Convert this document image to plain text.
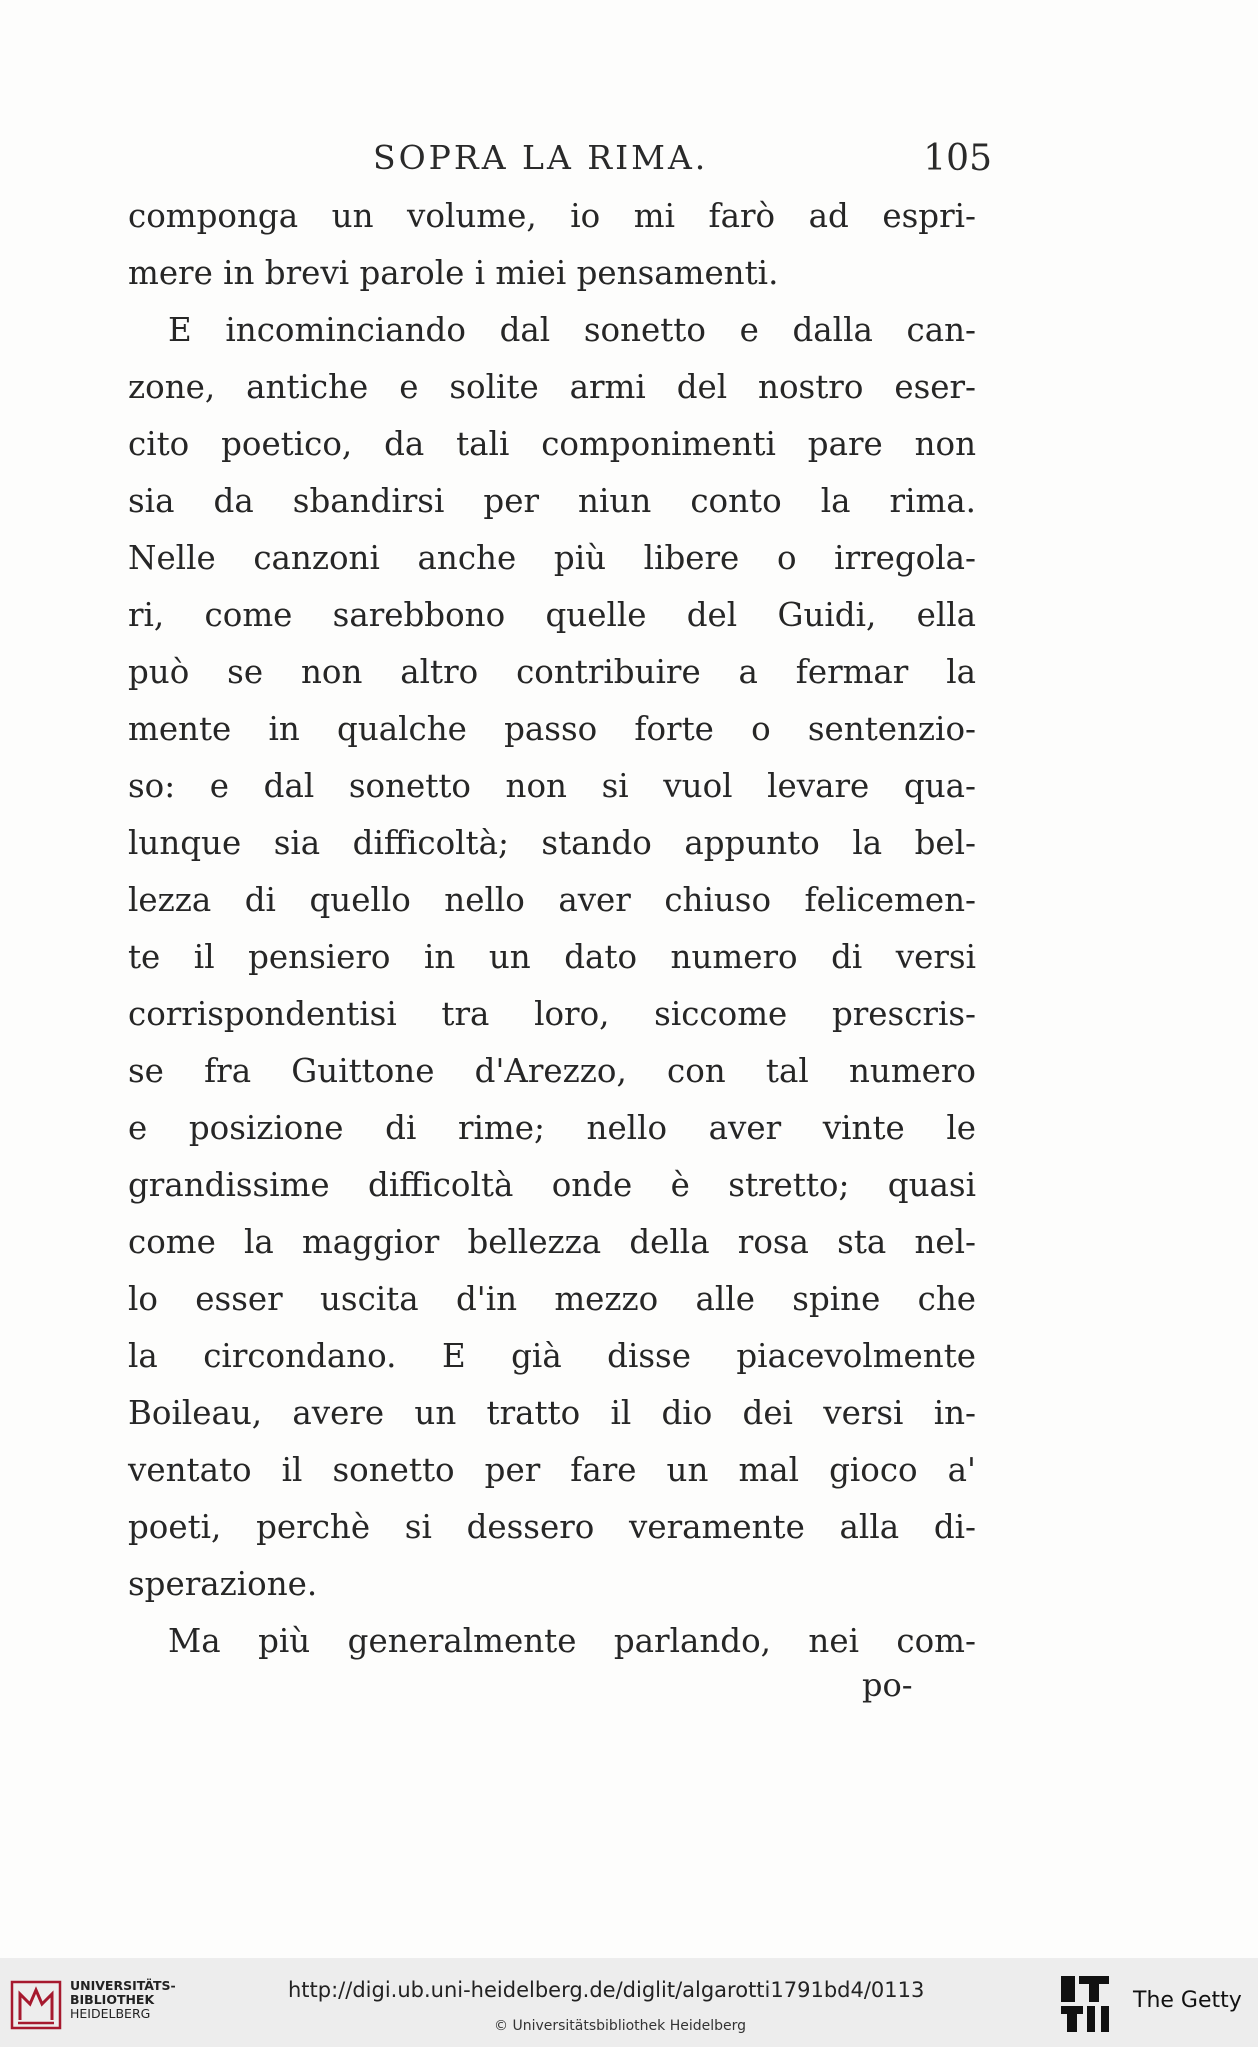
SOPRA LA RIMA.	105
componga un volume, io mi farò ad espri-
mere in brevi parole i miei pensamenti.
E incominciando dal sonetto e dalla can-
zone, antiche e solite armi del nostro eser-
cito poetico, da tali componimenti pare non
sia da sbandirsi per niun conto la rima.
Nelle canzoni anche più libere o irregola-
ri, come sarebbono quelle del Guidi, ella
può se non altro contribuire a fermar la
mente in qualche passo forte o sentenzio-
so: e dal sonetto non si vuol levare qua-
lunque sia difficoltà; stando appunto la bel-
lezza di quello nello aver chiuso felicemen-
te il pensiero in un dato numero di versi
corrispondentisi tra loro, siccome prescris-
se fra Guittone d'Arezzo, con tal numero
e posizione di rime; nello aver vinte le
grandissime difficoltà onde è stretto; quasi
come la maggior bellezza della rosa sta nel-
lo esser uscita d'in mezzo alle spine che
la circondano. E già disse piacevolmente
Boileau, avere un tratto il dio dei versi in-
ventato il sonetto per fare un mal gioco a'
poeti, perchè si dessero veramente alla di-
sperazione.
Ma più generalmente parlando, nei com-
po-
UNIVERSITÄTS-
BIBLIOTHEK
HEIDELBERG
http://digi.ub.uni-heidelberg.de/diglit/algarotti1791bd4/0113
© Universitätsbibliothek Heidelberg
The Getty
